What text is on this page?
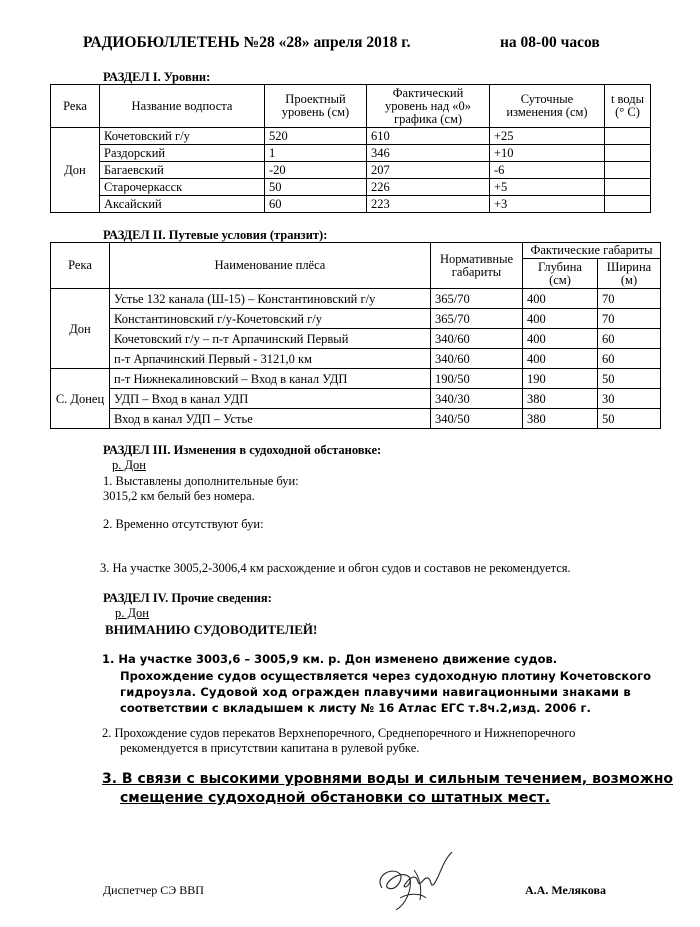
РАДИОБЮЛЛЕТЕНЬ №28 «28» апреля 2018 г.	на 08-00 часов
РАЗДЕЛ I. Уровни:
Река	Название водпоста	Проектный уровень (см)	Фактический уровень над «0» графика (см)	Суточные изменения (см)	t воды (° С)
Дон	Кочетовский г/у	520	610	+25	
	Раздорский	1	346	+10	
	Багаевский	-20	207	-6	
	Старочеркасск	50	226	+5	
	Аксайский	60	223	+3	
РАЗДЕЛ II. Путевые условия (транзит):
Река	Наименование плёса	Нормативные габариты	Фактические габариты	
			Глубина (см)	Ширина (м)
Дон	Устье 132 канала (Ш-15) – Константиновский г/у	365/70	400	70
	Константиновский г/у-Кочетовский г/у	365/70	400	70
	Кочетовский г/у – п-т Арпачинский Первый	340/60	400	60
	п-т Арпачинский Первый - 3121,0 км	340/60	400	60
С. Донец	п-т Нижнекалиновский – Вход в канал УДП	190/50	190	50
	УДП – Вход в канал УДП	340/30	380	30
	Вход в канал УДП – Устье	340/50	380	50
РАЗДЕЛ III. Изменения в судоходной обстановке:
р. Дон
1. Выставлены дополнительные буи:
3015,2 км белый без номера.
2. Временно отсутствуют буи:
3. На участке 3005,2-3006,4 км расхождение и обгон судов и составов не рекомендуется.
РАЗДЕЛ IV. Прочие сведения:
р. Дон
ВНИМАНИЮ СУДОВОДИТЕЛЕЙ!
1. На участке 3003,6 – 3005,9 км. р. Дон изменено движение судов.
Прохождение судов осуществляется через судоходную плотину Кочетовского
гидроузла. Судовой ход огражден плавучими навигационными знаками в
соответствии с вкладышем к листу № 16 Атлас ЕГС т.8ч.2,изд. 2006 г.
2. Прохождение судов перекатов Верхнепоречного, Среднепоречного и Нижнепоречного
рекомендуется в присутствии капитана в рулевой рубке.
3. В связи с высокими уровнями воды и сильным течением, возможно
смещение судоходной обстановки со штатных мест.
Диспетчер СЭ ВВП	А.А. Мелякова
